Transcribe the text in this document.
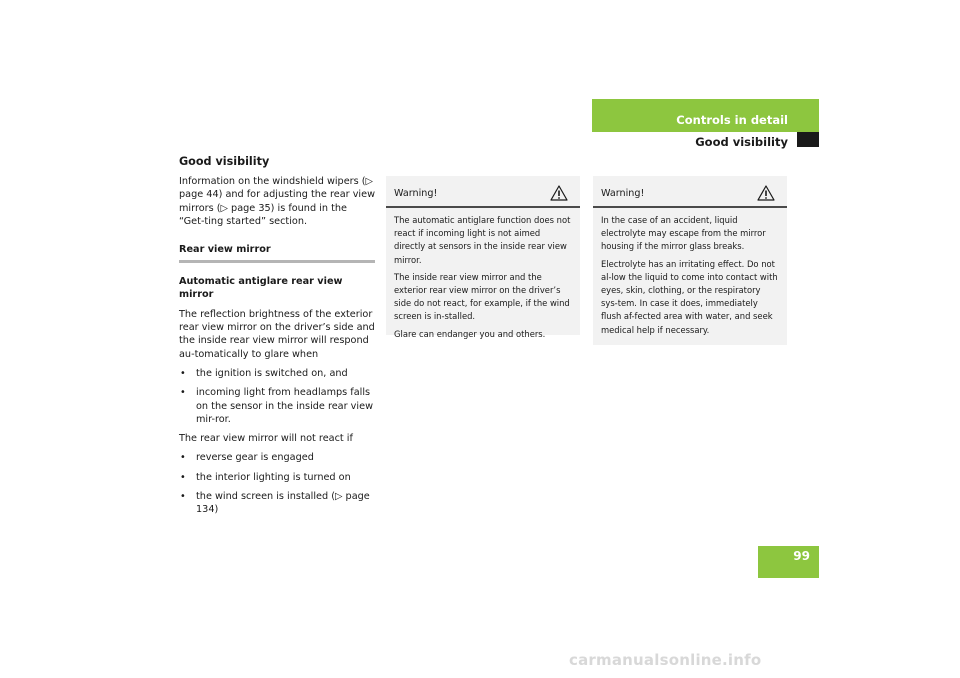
Controls in detail
Good visibility
Good visibility

Information on the windshield wipers (▷ page 44) and for adjusting the rear view mirrors (▷ page 35) is found in the “Get-ting started” section.

Rear view mirror
Automatic antiglare rear view mirror

The reflection brightness of the exterior rear view mirror on the driver’s side and the inside rear view mirror will respond au-tomatically to glare when

• the ignition is switched on, and
• incoming light from headlamps falls on the sensor in the inside rear view mir-ror.

The rear view mirror will not react if

• reverse gear is engaged
• the interior lighting is turned on
• the wind screen is installed (▷ page 134)
Warning!

The automatic antiglare function does not react if incoming light is not aimed directly at sensors in the inside rear view mirror.

The inside rear view mirror and the exterior rear view mirror on the driver’s side do not react, for example, if the wind screen is in-stalled.

Glare can endanger you and others.

Warning!

In the case of an accident, liquid electrolyte may escape from the mirror housing if the mirror glass breaks.

Electrolyte has an irritating effect. Do not al-low the liquid to come into contact with eyes, skin, clothing, or the respiratory sys-tem. In case it does, immediately flush af-fected area with water, and seek medical help if necessary.

99
carmanualsonline.info
